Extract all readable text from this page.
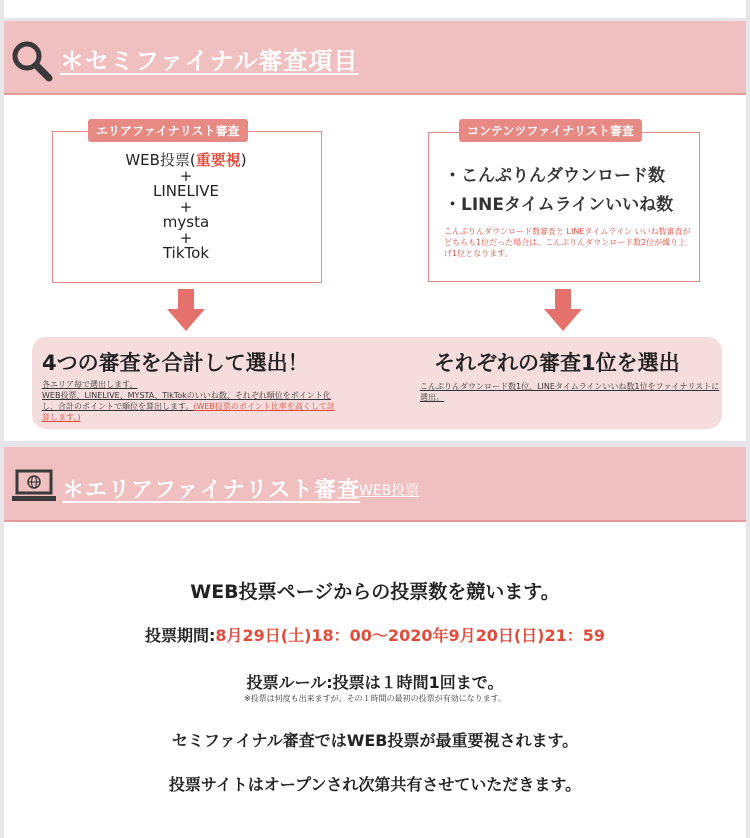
＊セミファイナル審査項目
エリアファイナリスト審査
WEB投票(重要視)
+
LINELIVE
+
mysta
+
TikTok
コンテンツファイナリスト審査
・こんぷりんダウンロード数
・LINEタイムラインいいね数
こんぷりんダウンロード数審査と LINEタイムライン いいね数審査がどちらも1位だった場合は、こんぷりんダウンロード数2位が繰り上げ1位となります。
4つの審査を合計して選出！
各エリア毎で選出します。
WEB投票、LINELIVE、MYSTA、TikTokのいいね数、それぞれ順位をポイント化し、合計のポイントで順位を算出します。(WEB投票のポイント比率を高くして計算します。)
それぞれの審査1位を選出
こんぷりんダウンロード数1位、LINEタイムラインいいね数1位をファイナリストに選出。
＊エリアファイナリスト審査
WEB投票
WEB投票ページからの投票数を競います。
投票期間:8月29日(土)18：00〜2020年9月20日(日)21：59
投票ルール:投票は１時間1回まで。
※投票は何度も出来ますが、その１時間の最初の投票が有効になります。
セミファイナル審査ではWEB投票が最重要視されます。
投票サイトはオープンされ次第共有させていただきます。
